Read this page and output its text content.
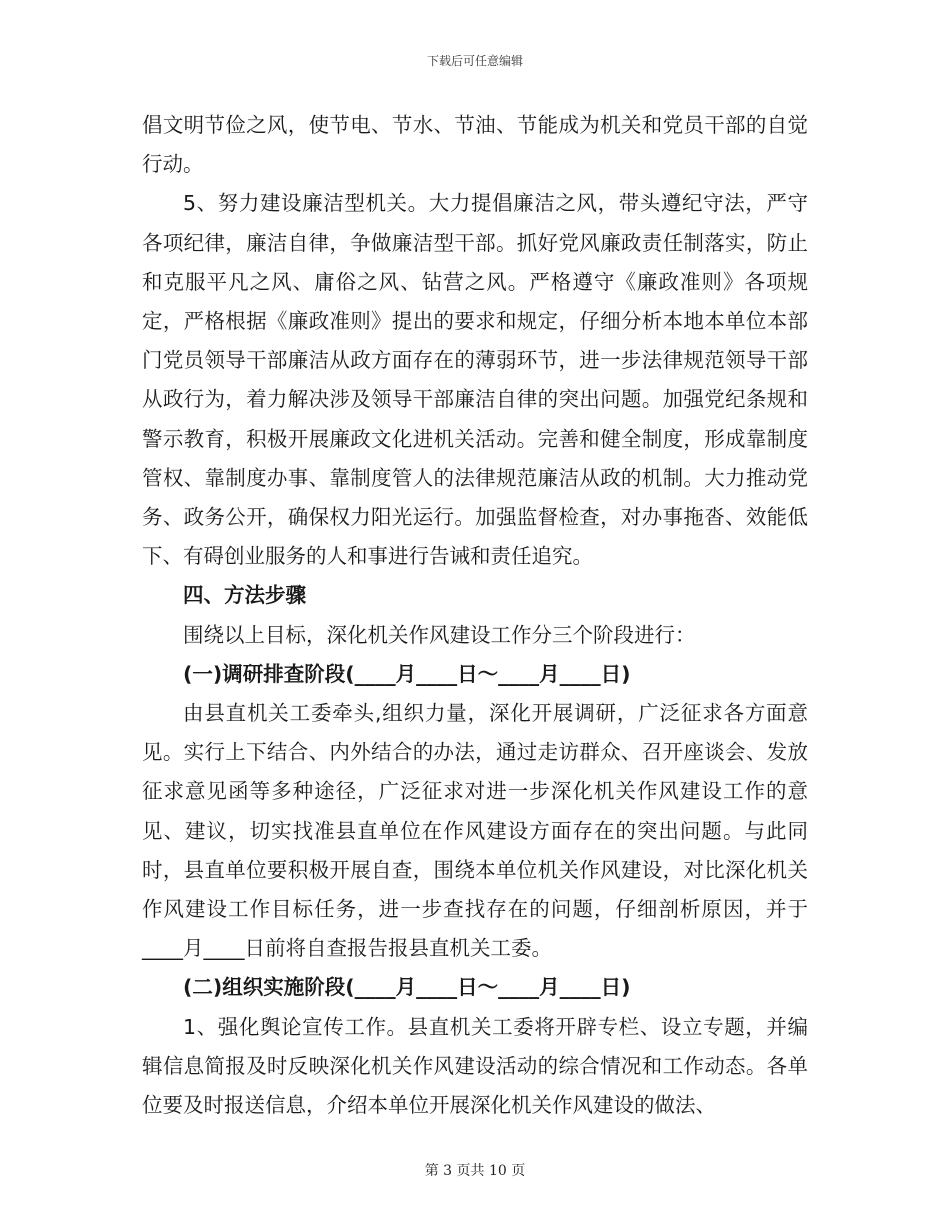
下载后可任意编辑

倡文明节俭之风，使节电、节水、节油、节能成为机关和党员干部的自觉行动。

5、努力建设廉洁型机关。大力提倡廉洁之风，带头遵纪守法，严守各项纪律，廉洁自律，争做廉洁型干部。抓好党风廉政责任制落实，防止和克服平凡之风、庸俗之风、钻营之风。严格遵守《廉政准则》各项规定，严格根据《廉政准则》提出的要求和规定，仔细分析本地本单位本部门党员领导干部廉洁从政方面存在的薄弱环节，进一步法律规范领导干部从政行为，着力解决涉及领导干部廉洁自律的突出问题。加强党纪条规和警示教育，积极开展廉政文化进机关活动。完善和健全制度，形成靠制度管权、靠制度办事、靠制度管人的法律规范廉洁从政的机制。大力推动党务、政务公开，确保权力阳光运行。加强监督检查，对办事拖沓、效能低下、有碍创业服务的人和事进行告诫和责任追究。

四、方法步骤

围绕以上目标，深化机关作风建设工作分三个阶段进行：

(一)调研排查阶段(____月____日～____月____日)

由县直机关工委牵头,组织力量，深化开展调研，广泛征求各方面意见。实行上下结合、内外结合的办法，通过走访群众、召开座谈会、发放征求意见函等多种途径，广泛征求对进一步深化机关作风建设工作的意见、建议，切实找准县直单位在作风建设方面存在的突出问题。与此同时，县直单位要积极开展自查，围绕本单位机关作风建设，对比深化机关作风建设工作目标任务，进一步查找存在的问题，仔细剖析原因，并于____月____日前将自查报告报县直机关工委。

(二)组织实施阶段(____月____日～____月____日)

1、强化舆论宣传工作。县直机关工委将开辟专栏、设立专题，并编辑信息简报及时反映深化机关作风建设活动的综合情况和工作动态。各单位要及时报送信息，介绍本单位开展深化机关作风建设的做法、

第 3 页共 10 页
